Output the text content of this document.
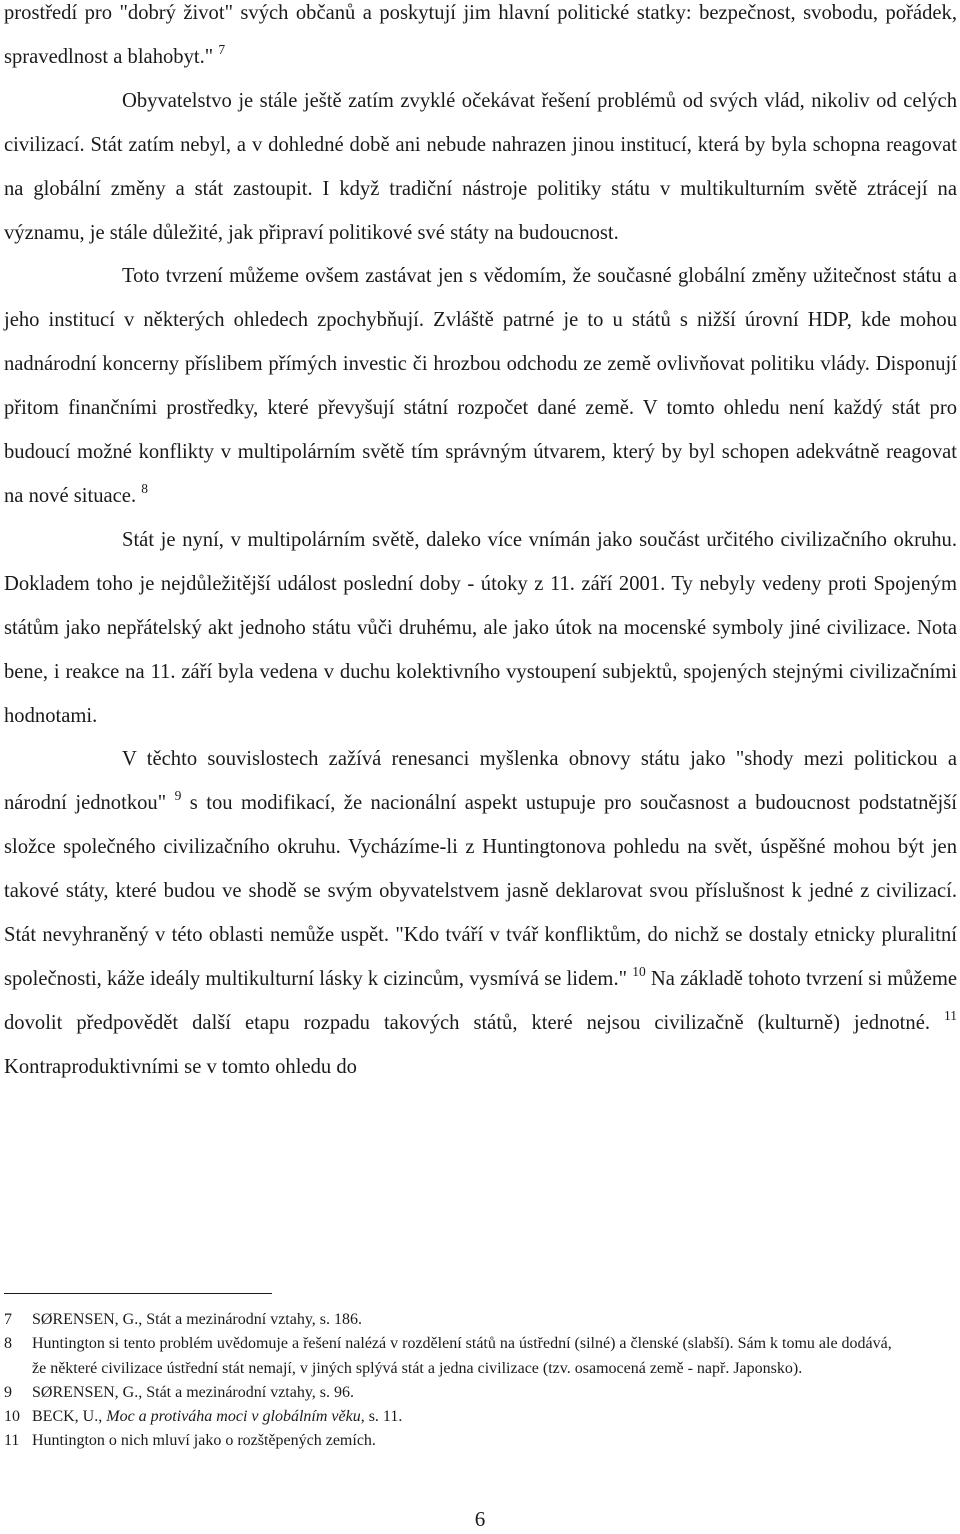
prostředí pro "dobrý život" svých občanů a poskytují jim hlavní politické statky: bezpečnost, svobodu, pořádek, spravedlnost a blahobyt." $^7$

Obyvatelstvo je stále ještě zatím zvyklé očekávat řešení problémů od svých vlád, nikoliv od celých civilizací. Stát zatím nebyl, a v dohledné době ani nebude nahrazen jinou institucí, která by byla schopna reagovat na globální změny a stát zastoupit. I když tradiční nástroje politiky státu v multikulturním světě ztrácejí na významu, je stále důležité, jak připraví politikové své státy na budoucnost.

Toto tvrzení můžeme ovšem zastávat jen s vědomím, že současné globální změny užitečnost státu a jeho institucí v některých ohledech zpochybňují. Zvláště patrné je to u států s nižší úrovní HDP, kde mohou nadnárodní koncerny příslibem přímých investic či hrozbou odchodu ze země ovlivňovat politiku vlády. Disponují přitom finančními prostředky, které převyšují státní rozpočet dané země. V tomto ohledu není každý stát pro budoucí možné konflikty v multipolárním světě tím správným útvarem, který by byl schopen adekvátně reagovat na nové situace. $^8$

Stát je nyní, v multipolárním světě, daleko více vnímán jako součást určitého civilizačního okruhu. Dokladem toho je nejdůležitější událost poslední doby - útoky z 11. září 2001. Ty nebyly vedeny proti Spojeným státům jako nepřátelský akt jednoho státu vůči druhému, ale jako útok na mocenské symboly jiné civilizace. Nota bene, i reakce na 11. září byla vedena v duchu kolektivního vystoupení subjektů, spojených stejnými civilizačními hodnotami.

V těchto souvislostech zažívá renesanci myšlenka obnovy státu jako "shody mezi politickou a národní jednotkou" $^9$ s tou modifikací, že nacionální aspekt ustupuje pro současnost a budoucnost podstatnější složce společného civilizačního okruhu. Vycházíme-li z Huntingtonova pohledu na svět, úspěšné mohou být jen takové státy, které budou ve shodě se svým obyvatelstvem jasně deklarovat svou příslušnost k jedné z civilizací. Stát nevyhraněný v této oblasti nemůže uspět. "Kdo tváří v tvář konfliktům, do nichž se dostaly etnicky pluralitní společnosti, káže ideály multikulturní lásky k cizincům, vysmívá se lidem." $^{10}$ Na základě tohoto tvrzení si můžeme dovolit předpovědět další etapu rozpadu takových států, které nejsou civilizačně (kulturně) jednotné. $^{11}$ Kontraproduktivními se v tomto ohledu do

7	SØRENSEN, G., Stát a mezinárodní vztahy, s. 186.
8	Huntington si tento problém uvědomuje a řešení nalézá v rozdělení států na ústřední (silné) a členské (slabší). Sám k tomu ale dodává, že některé civilizace ústřední stát nemají, v jiných splývá stát a jedna civilizace (tzv. osamocená země - např. Japonsko).
9	SØRENSEN, G., Stát a mezinárodní vztahy, s. 96.
10 BECK, U., Moc a protiváha moci v globálním věku, s. 11.
11 Huntington o nich mluví jako o rozštěpených zemích.
6
